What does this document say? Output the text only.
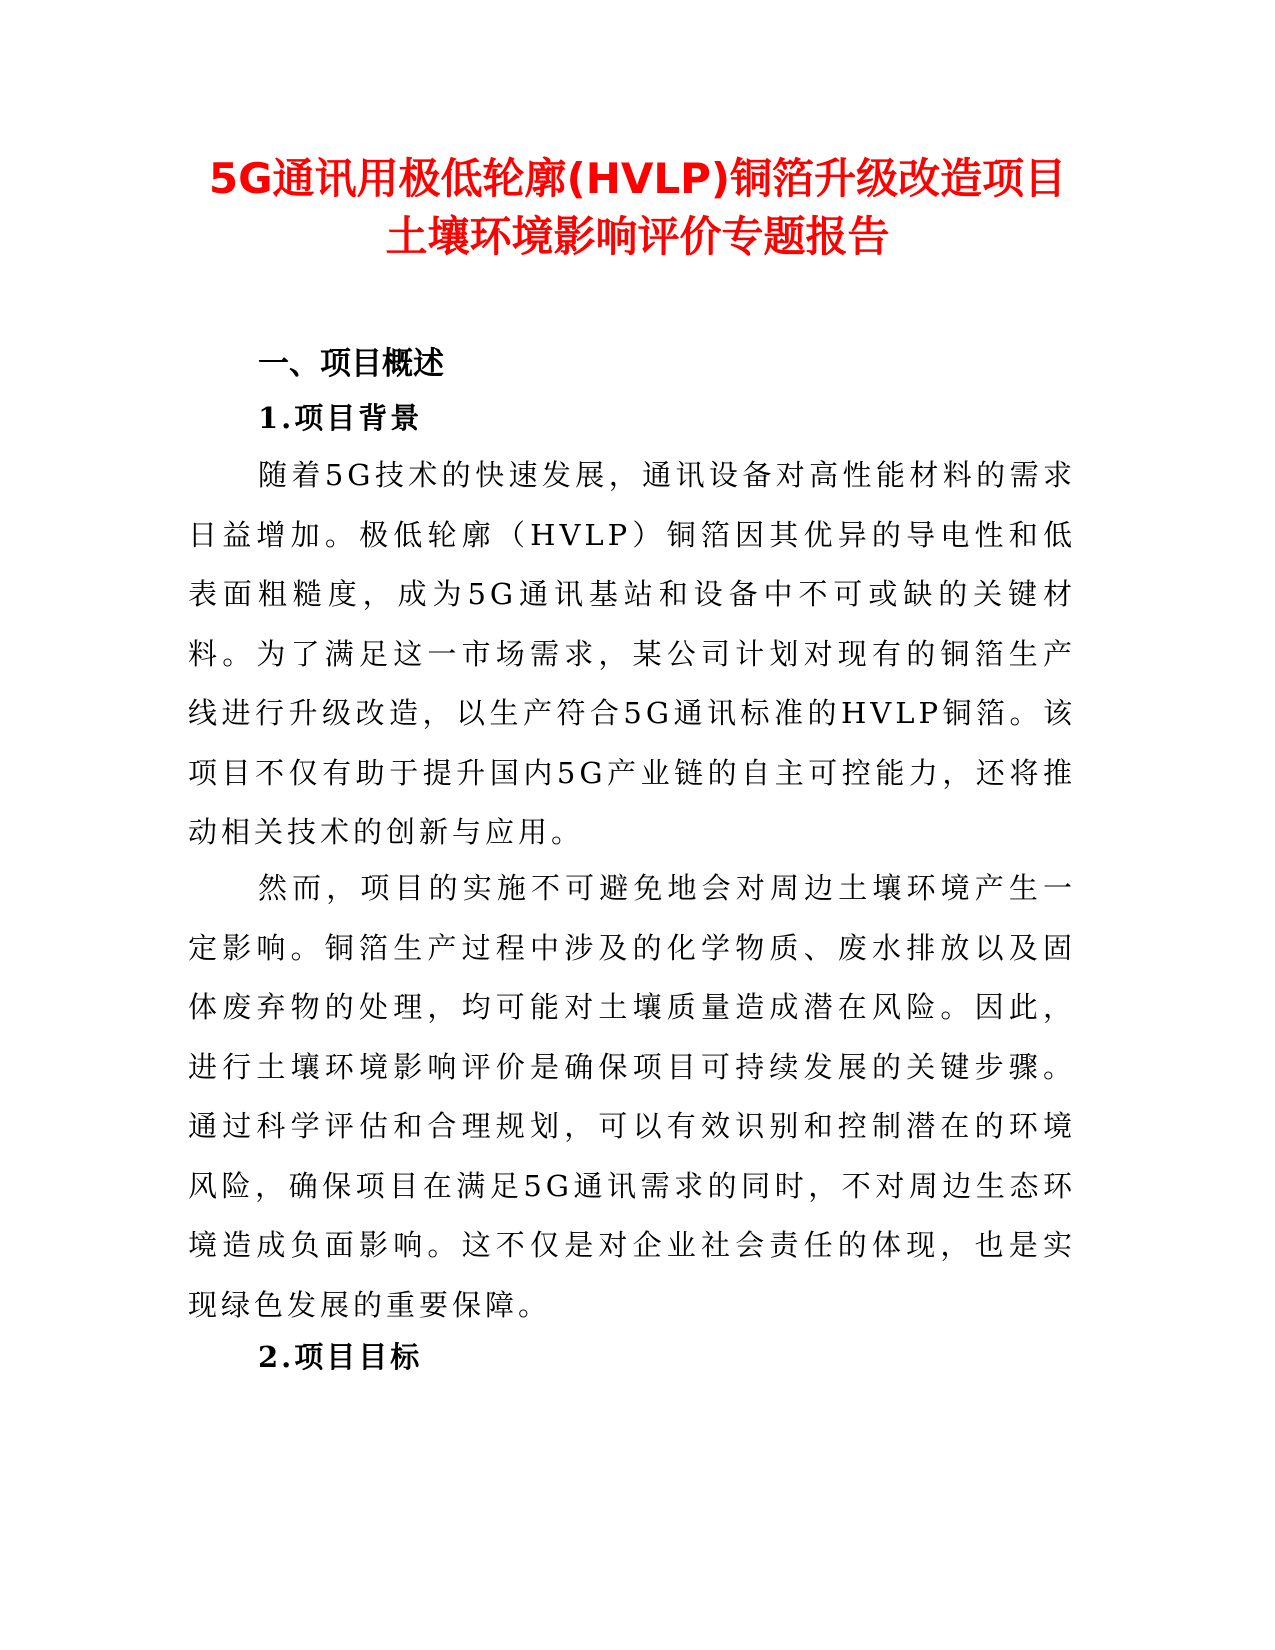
5G通讯用极低轮廓(HVLP)铜箔升级改造项目
土壤环境影响评价专题报告
一、项目概述
1.项目背景

随着5G技术的快速发展，通讯设备对高性能材料的需求日益增加。极低轮廓（HVLP）铜箔因其优异的导电性和低表面粗糙度，成为5G通讯基站和设备中不可或缺的关键材料。为了满足这一市场需求，某公司计划对现有的铜箔生产线进行升级改造，以生产符合5G通讯标准的HVLP铜箔。该项目不仅有助于提升国内5G产业链的自主可控能力，还将推动相关技术的创新与应用。

然而，项目的实施不可避免地会对周边土壤环境产生一定影响。铜箔生产过程中涉及的化学物质、废水排放以及固体废弃物的处理，均可能对土壤质量造成潜在风险。因此，进行土壤环境影响评价是确保项目可持续发展的关键步骤。通过科学评估和合理规划，可以有效识别和控制潜在的环境风险，确保项目在满足5G通讯需求的同时，不对周边生态环境造成负面影响。这不仅是对企业社会责任的体现，也是实现绿色发展的重要保障。

2.项目目标
